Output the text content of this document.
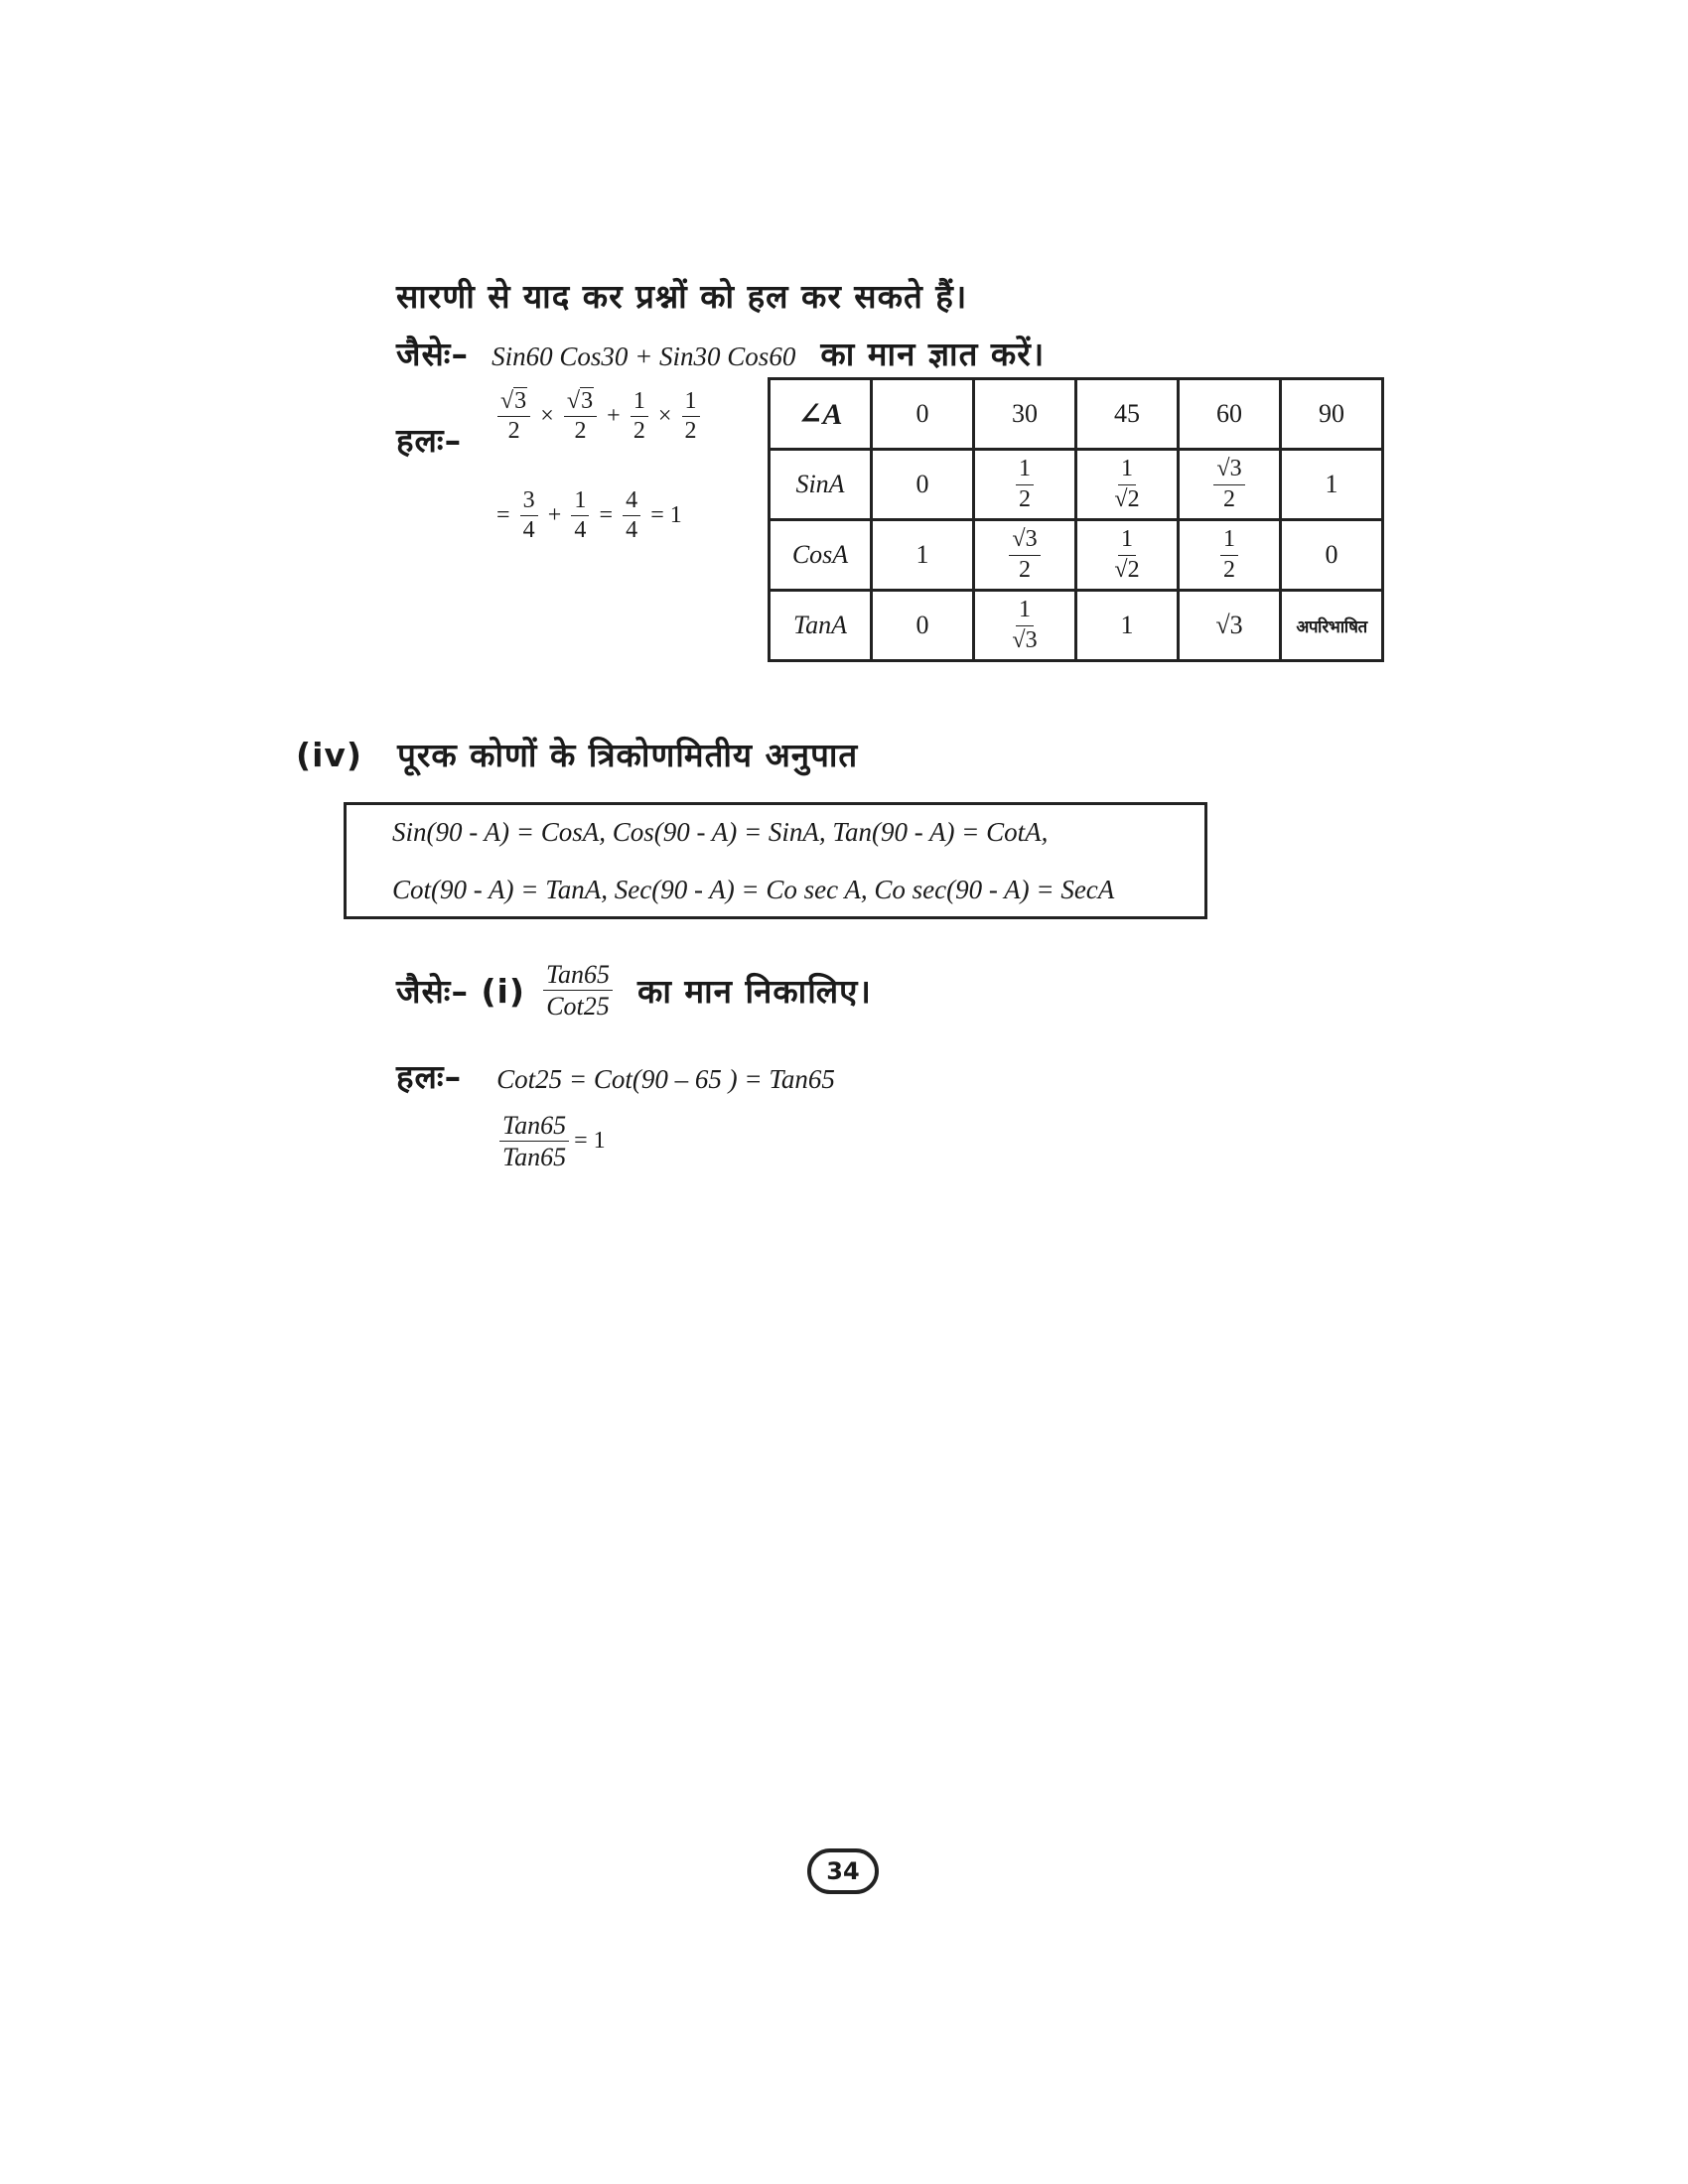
सारणी से याद कर प्रश्नों को हल कर सकते हैं।
जैसेः– Sin60 Cos30 + Sin30 Cos60 का मान ज्ञात करें।
हलः– $\frac{√3}{2} \times \frac{√3}{2} + \frac{1}{2} \times \frac{1}{2}$
= $\frac{3}{4} + \frac{1}{4} = \frac{4}{4} = 1$
∠A	0	30	45	60	90
SinA	0	$\frac{1}{2}$	$\frac{1}{√2}$	$\frac{√3}{2}$	1
CosA	1	$\frac{√3}{2}$	$\frac{1}{√2}$	$\frac{1}{2}$	0
TanA	0	$\frac{1}{√3}$	1	√3	अपरिभाषित
(iv) पूरक कोणों के त्रिकोणमितीय अनुपात
Sin(90 - A) = CosA, Cos(90 - A) = SinA, Tan(90 - A) = CotA,
Cot(90 - A) = TanA, Sec(90 - A) = Co sec A, Co sec(90 - A) = SecA
जैसेः– $(i) \frac{\text{Tan65}}{\text{Cot25}}$ का मान निकालिए।
हलः– Cot25 = Cot(90 – 65 ) = Tan65
$\frac{\text{Tan65}}{\text{Tan65}} = 1$
34
